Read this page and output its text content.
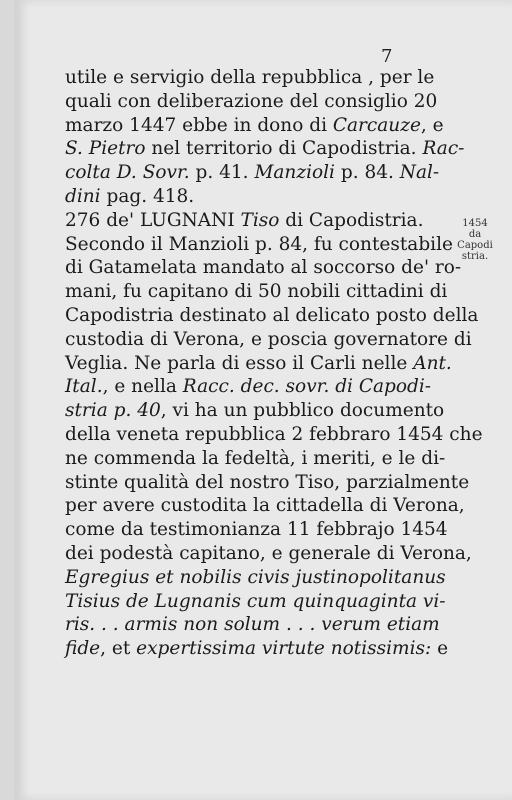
7
utile e servigio della repubblica , per le
quali con deliberazione del consiglio 20
marzo 1447 ebbe in dono di Carcauze, e
S. Pietro nel territorio di Capodistria. Rac-
colta D. Sovr. p. 41. Manzioli p. 84. Nal-
dini pag. 418.
276 de' LUGNANI Tiso di Capodistria.
Secondo il Manzioli p. 84, fu contestabile
di Gatamelata mandato al soccorso de' ro-
mani, fu capitano di 50 nobili cittadini di
Capodistria destinato al delicato posto della
custodia di Verona, e poscia governatore di
Veglia. Ne parla di esso il Carli nelle Ant.
Ital., e nella Racc. dec. sovr. di Capodi-
stria p. 40, vi ha un pubblico documento
della veneta repubblica 2 febbraro 1454 che
ne commenda la fedeltà, i meriti, e le di-
stinte qualità del nostro Tiso, parzialmente
per avere custodita la cittadella di Verona,
come da testimonianza 11 febbrajo 1454
dei podestà capitano, e generale di Verona,
Egregius et nobilis civis justinopolitanus
Tisius de Lugnanis cum quinquaginta vi-
ris. . . armis non solum . . . verum etiam
fide, et expertissima virtute notissimis: e
1454
da Capodi
stria.
